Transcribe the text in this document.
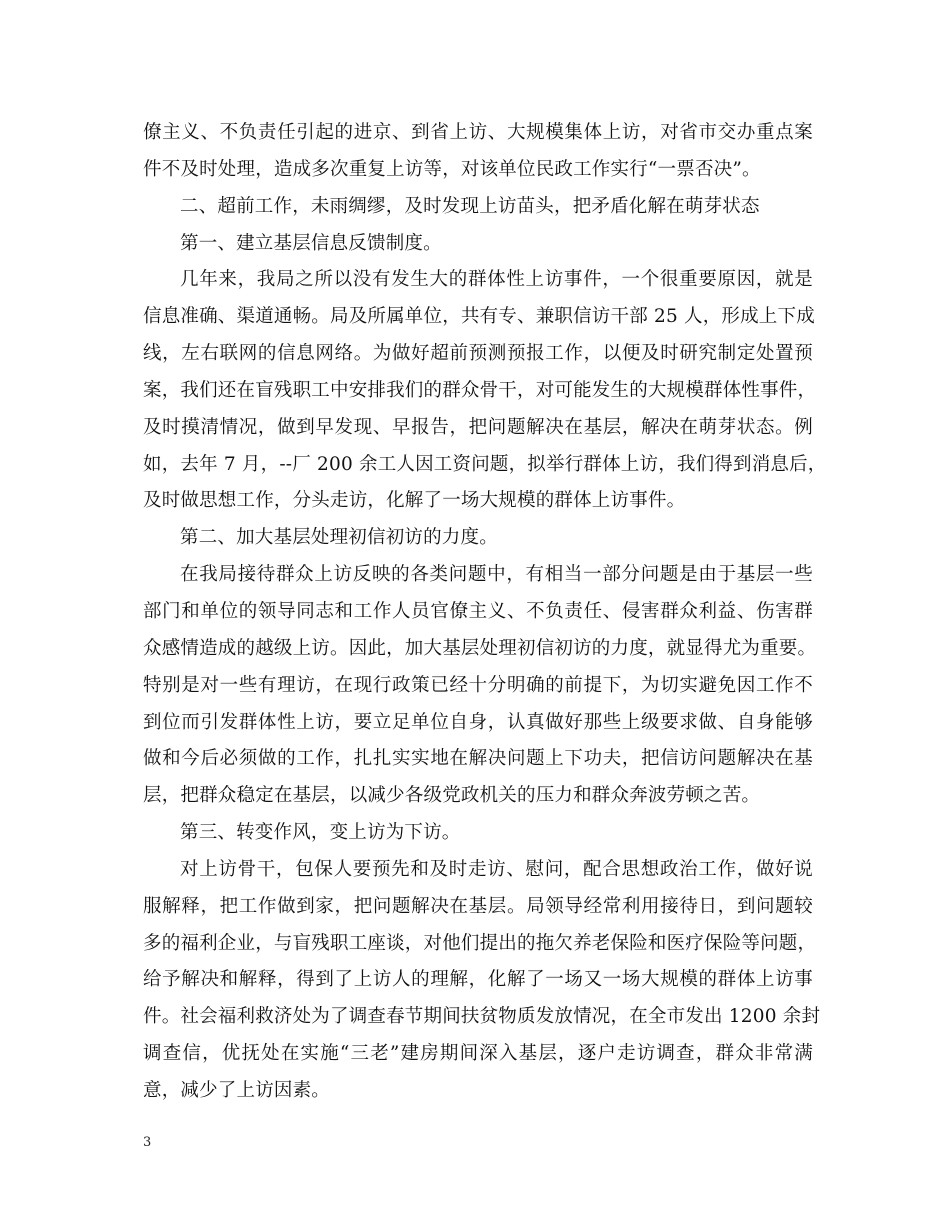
僚主义、不负责任引起的进京、到省上访、大规模集体上访，对省市交办重点案
件不及时处理，造成多次重复上访等，对该单位民政工作实行“一票否决”。
二、超前工作，未雨绸缪，及时发现上访苗头，把矛盾化解在萌芽状态
第一、建立基层信息反馈制度。
几年来，我局之所以没有发生大的群体性上访事件，一个很重要原因，就是
信息准确、渠道通畅。局及所属单位，共有专、兼职信访干部 25 人，形成上下成
线，左右联网的信息网络。为做好超前预测预报工作，以便及时研究制定处置预
案，我们还在盲残职工中安排我们的群众骨干，对可能发生的大规模群体性事件，
及时摸清情况，做到早发现、早报告，把问题解决在基层，解决在萌芽状态。例
如，去年 7 月，--厂 200 余工人因工资问题，拟举行群体上访，我们得到消息后，
及时做思想工作，分头走访，化解了一场大规模的群体上访事件。
第二、加大基层处理初信初访的力度。
在我局接待群众上访反映的各类问题中，有相当一部分问题是由于基层一些
部门和单位的领导同志和工作人员官僚主义、不负责任、侵害群众利益、伤害群
众感情造成的越级上访。因此，加大基层处理初信初访的力度，就显得尤为重要。
特别是对一些有理访，在现行政策已经十分明确的前提下，为切实避免因工作不
到位而引发群体性上访，要立足单位自身，认真做好那些上级要求做、自身能够
做和今后必须做的工作，扎扎实实地在解决问题上下功夫，把信访问题解决在基
层，把群众稳定在基层，以减少各级党政机关的压力和群众奔波劳顿之苦。
第三、转变作风，变上访为下访。
对上访骨干，包保人要预先和及时走访、慰问，配合思想政治工作，做好说
服解释，把工作做到家，把问题解决在基层。局领导经常利用接待日，到问题较
多的福利企业，与盲残职工座谈，对他们提出的拖欠养老保险和医疗保险等问题，
给予解决和解释，得到了上访人的理解，化解了一场又一场大规模的群体上访事
件。社会福利救济处为了调查春节期间扶贫物质发放情况，在全市发出 1200 余封
调查信，优抚处在实施“三老”建房期间深入基层，逐户走访调查，群众非常满
意，减少了上访因素。
3
